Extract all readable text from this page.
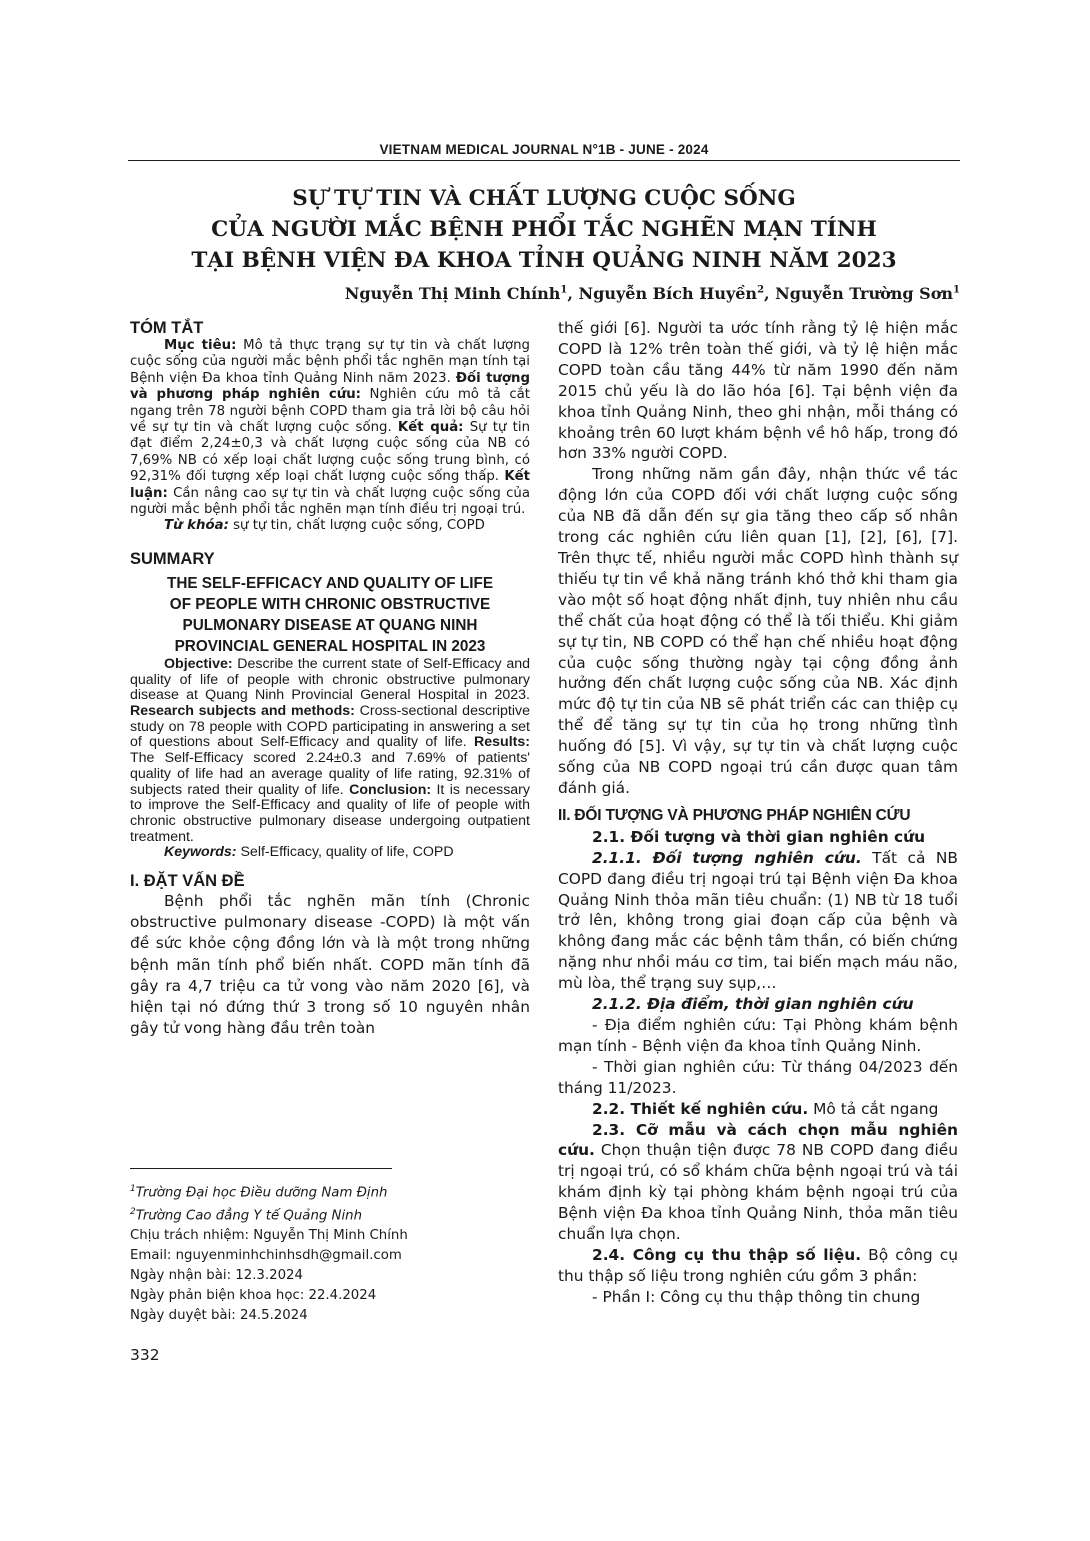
VIETNAM MEDICAL JOURNAL N°1B - JUNE - 2024
SỰ TỰ TIN VÀ CHẤT LƯỢNG CUỘC SỐNG
CỦA NGƯỜI MẮC BỆNH PHỔI TẮC NGHẼN MẠN TÍNH
TẠI BỆNH VIỆN ĐA KHOA TỈNH QUẢNG NINH NĂM 2023
Nguyễn Thị Minh Chính$^1$, Nguyễn Bích Huyền$^2$, Nguyễn Trường Sơn$^1$
TÓM TẮT

Mục tiêu: Mô tả thực trạng sự tự tin và chất lượng cuộc sống của người mắc bệnh phổi tắc nghẽn mạn tính tại Bệnh viện Đa khoa tỉnh Quảng Ninh năm 2023. Đối tượng và phương pháp nghiên cứu: Nghiên cứu mô tả cắt ngang trên 78 người bệnh COPD tham gia trả lời bộ câu hỏi về sự tự tin và chất lượng cuộc sống. Kết quả: Sự tự tin đạt điểm 2,24±0,3 và chất lượng cuộc sống của NB có 7,69% NB có xếp loại chất lượng cuộc sống trung bình, có 92,31% đối tượng xếp loại chất lượng cuộc sống thấp. Kết luận: Cần nâng cao sự tự tin và chất lượng cuộc sống của người mắc bệnh phổi tắc nghẽn mạn tính điều trị ngoại trú.

Từ khóa: sự tự tin, chất lượng cuộc sống, COPD

SUMMARY
THE SELF-EFFICACY AND QUALITY OF LIFE
OF PEOPLE WITH CHRONIC OBSTRUCTIVE
PULMONARY DISEASE AT QUANG NINH
PROVINCIAL GENERAL HOSPITAL IN 2023

Objective: Describe the current state of Self-Efficacy and quality of life of people with chronic obstructive pulmonary disease at Quang Ninh Provincial General Hospital in 2023. Research subjects and methods: Cross-sectional descriptive study on 78 people with COPD participating in answering a set of questions about Self-Efficacy and quality of life. Results: The Self-Efficacy scored 2.24±0.3 and 7.69% of patients' quality of life had an average quality of life rating, 92.31% of subjects rated their quality of life. Conclusion: It is necessary to improve the Self-Efficacy and quality of life of people with chronic obstructive pulmonary disease undergoing outpatient treatment.

Keywords: Self-Efficacy, quality of life, COPD

I. ĐẶT VẤN ĐỀ

Bệnh phổi tắc nghẽn mãn tính (Chronic obstructive pulmonary disease -COPD) là một vấn đề sức khỏe cộng đồng lớn và là một trong những bệnh mãn tính phổ biến nhất. COPD mãn tính đã gây ra 4,7 triệu ca tử vong vào năm 2020 [6], và hiện tại nó đứng thứ 3 trong số 10 nguyên nhân gây tử vong hàng đầu trên toàn

$^1$Trường Đại học Điều dưỡng Nam Định
$^2$Trường Cao đẳng Y tế Quảng Ninh
Chịu trách nhiệm: Nguyễn Thị Minh Chính
Email: nguyenminhchinhsdh@gmail.com
Ngày nhận bài: 12.3.2024
Ngày phản biện khoa học: 22.4.2024
Ngày duyệt bài: 24.5.2024
332

thế giới [6]. Người ta ước tính rằng tỷ lệ hiện mắc COPD là 12% trên toàn thế giới, và tỷ lệ hiện mắc COPD toàn cầu tăng 44% từ năm 1990 đến năm 2015 chủ yếu là do lão hóa [6]. Tại bệnh viện đa khoa tỉnh Quảng Ninh, theo ghi nhận, mỗi tháng có khoảng trên 60 lượt khám bệnh về hô hấp, trong đó hơn 33% người COPD.

Trong những năm gần đây, nhận thức về tác động lớn của COPD đối với chất lượng cuộc sống của NB đã dẫn đến sự gia tăng theo cấp số nhân trong các nghiên cứu liên quan [1], [2], [6], [7]. Trên thực tế, nhiều người mắc COPD hình thành sự thiếu tự tin về khả năng tránh khó thở khi tham gia vào một số hoạt động nhất định, tuy nhiên nhu cầu thể chất của hoạt động có thể là tối thiểu. Khi giảm sự tự tin, NB COPD có thể hạn chế nhiều hoạt động của cuộc sống thường ngày tại cộng đồng ảnh hưởng đến chất lượng cuộc sống của NB. Xác định mức độ tự tin của NB sẽ phát triển các can thiệp cụ thể để tăng sự tự tin của họ trong những tình huống đó [5]. Vì vậy, sự tự tin và chất lượng cuộc sống của NB COPD ngoại trú cần được quan tâm đánh giá.

II. ĐỐI TƯỢNG VÀ PHƯƠNG PHÁP NGHIÊN CỨU

2.1. Đối tượng và thời gian nghiên cứu

2.1.1. Đối tượng nghiên cứu. Tất cả NB COPD đang điều trị ngoại trú tại Bệnh viện Đa khoa Quảng Ninh thỏa mãn tiêu chuẩn: (1) NB từ 18 tuổi trở lên, không trong giai đoạn cấp của bệnh và không đang mắc các bệnh tâm thần, có biến chứng nặng như nhồi máu cơ tim, tai biến mạch máu não, mù lòa, thể trạng suy sụp,…

2.1.2. Địa điểm, thời gian nghiên cứu

- Địa điểm nghiên cứu: Tại Phòng khám bệnh mạn tính - Bệnh viện đa khoa tỉnh Quảng Ninh.

- Thời gian nghiên cứu: Từ tháng 04/2023 đến tháng 11/2023.

2.2. Thiết kế nghiên cứu. Mô tả cắt ngang

2.3. Cỡ mẫu và cách chọn mẫu nghiên cứu. Chọn thuận tiện được 78 NB COPD đang điều trị ngoại trú, có sổ khám chữa bệnh ngoại trú và tái khám định kỳ tại phòng khám bệnh ngoại trú của Bệnh viện Đa khoa tỉnh Quảng Ninh, thỏa mãn tiêu chuẩn lựa chọn.

2.4. Công cụ thu thập số liệu. Bộ công cụ thu thập số liệu trong nghiên cứu gồm 3 phần:

- Phần I: Công cụ thu thập thông tin chung
